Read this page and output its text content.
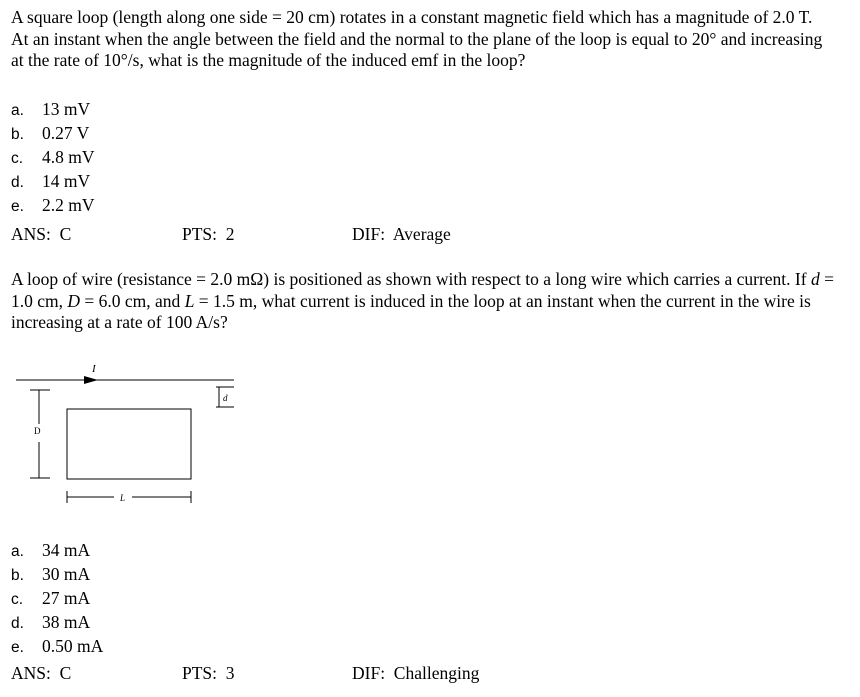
A square loop (length along one side = 20 cm) rotates in a constant magnetic field which has a magnitude of 2.0 T. At an instant when the angle between the field and the normal to the plane of the loop is equal to 20° and increasing at the rate of 10°/s, what is the magnitude of the induced emf in the loop?

a. 13 mV
b. 0.27 V
c. 4.8 mV
d. 14 mV
e. 2.2 mV
ANS:  C	PTS:  2	DIF:  Average

A loop of wire (resistance = 2.0 mΩ) is positioned as shown with respect to a long wire which carries a current. If d = 1.0 cm, D = 6.0 cm, and L = 1.5 m, what current is induced in the loop at an instant when the current in the wire is increasing at a rate of 100 A/s?

I
d
D
L
a. 34 mA
b. 30 mA
c. 27 mA
d. 38 mA
e. 0.50 mA
ANS:  C	PTS:  3	DIF:  Challenging
